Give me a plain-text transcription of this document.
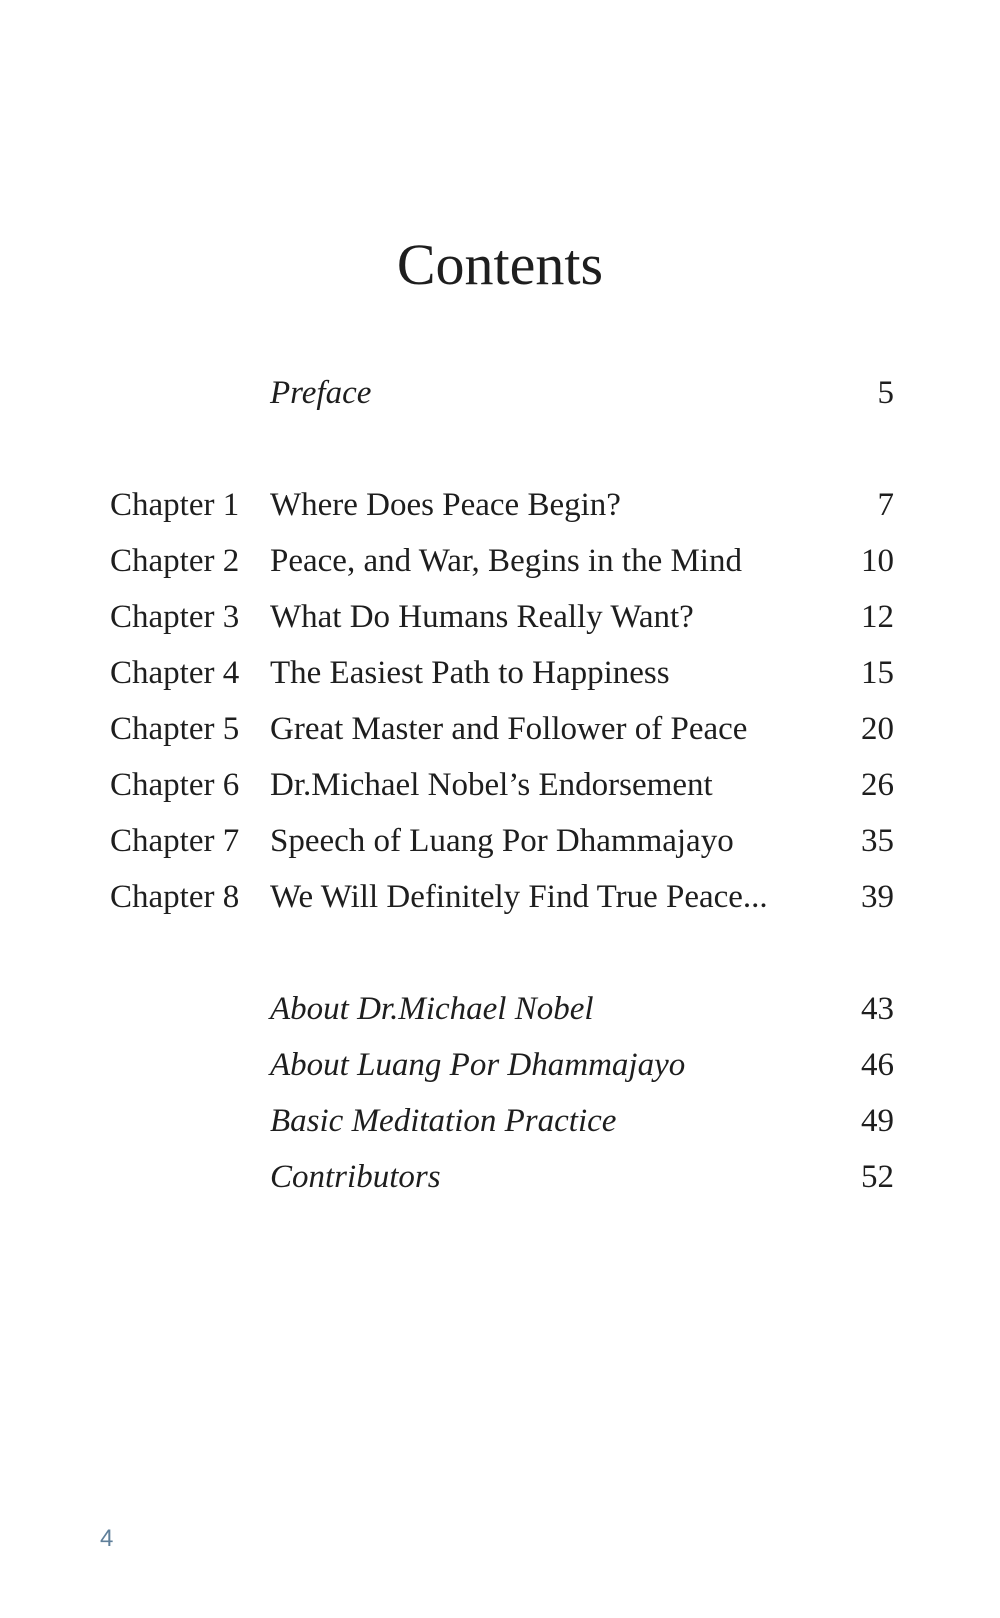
Contents
Preface	5
Chapter 1 Where Does Peace Begin?	7
Chapter 2 Peace, and War, Begins in the Mind	10
Chapter 3 What Do Humans Really Want?	12
Chapter 4 The Easiest Path to Happiness	15
Chapter 5 Great Master and Follower of Peace	20
Chapter 6 Dr.Michael Nobel’s Endorsement	26
Chapter 7 Speech of Luang Por Dhammajayo	35
Chapter 8 We Will Definitely Find True Peace...	39
About Dr.Michael Nobel	43
About Luang Por Dhammajayo	46
Basic Meditation Practice	49
Contributors	52
4
